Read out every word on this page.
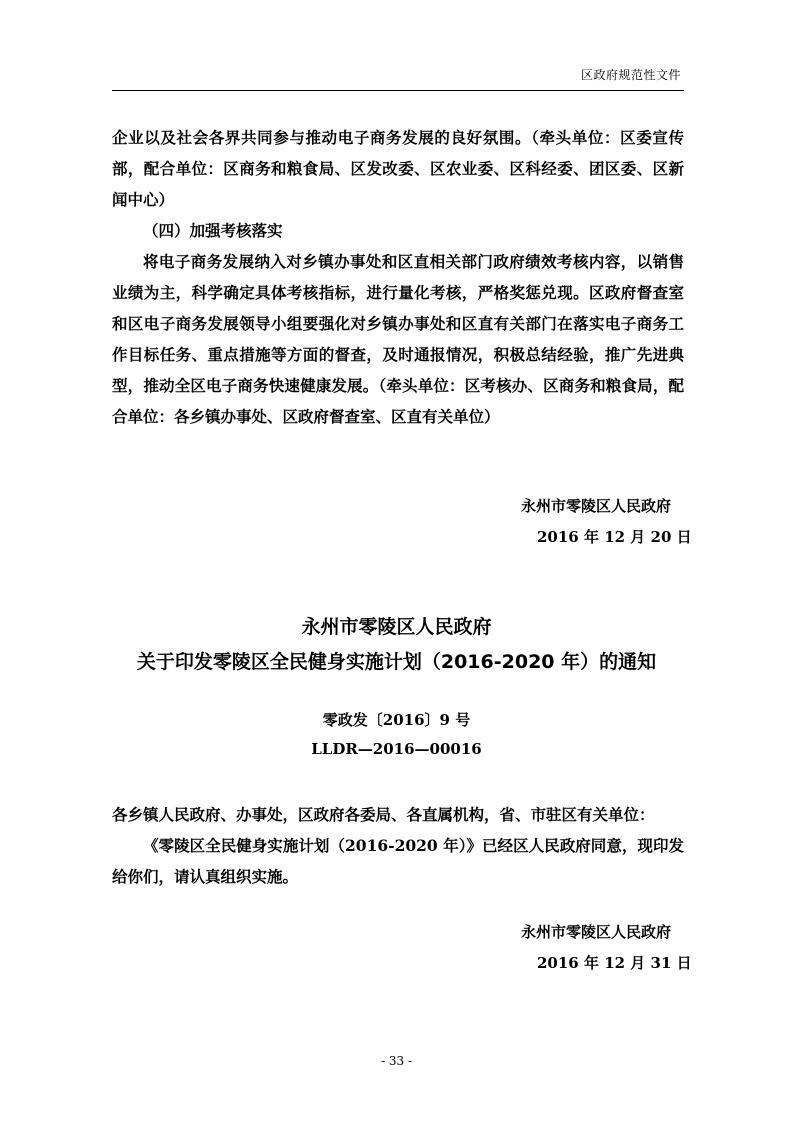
区政府规范性文件

企业以及社会各界共同参与推动电子商务发展的良好氛围。（牵头单位：区委宣传部，配合单位：区商务和粮食局、区发改委、区农业委、区科经委、团区委、区新闻中心）

（四）加强考核落实

将电子商务发展纳入对乡镇办事处和区直相关部门政府绩效考核内容，以销售业绩为主，科学确定具体考核指标，进行量化考核，严格奖惩兑现。区政府督查室和区电子商务发展领导小组要强化对乡镇办事处和区直有关部门在落实电子商务工作目标任务、重点措施等方面的督查，及时通报情况，积极总结经验，推广先进典型，推动全区电子商务快速健康发展。（牵头单位：区考核办、区商务和粮食局，配合单位：各乡镇办事处、区政府督查室、区直有关单位）

永州市零陵区人民政府
2016 年 12 月 20 日
永州市零陵区人民政府
关于印发零陵区全民健身实施计划（2016-2020 年）的通知
零政发〔2016〕9 号
LLDR—2016—00016

各乡镇人民政府、办事处，区政府各委局、各直属机构，省、市驻区有关单位：

《零陵区全民健身实施计划（2016-2020 年）》已经区人民政府同意，现印发给你们，请认真组织实施。

永州市零陵区人民政府
2016 年 12 月 31 日
- 33 -
